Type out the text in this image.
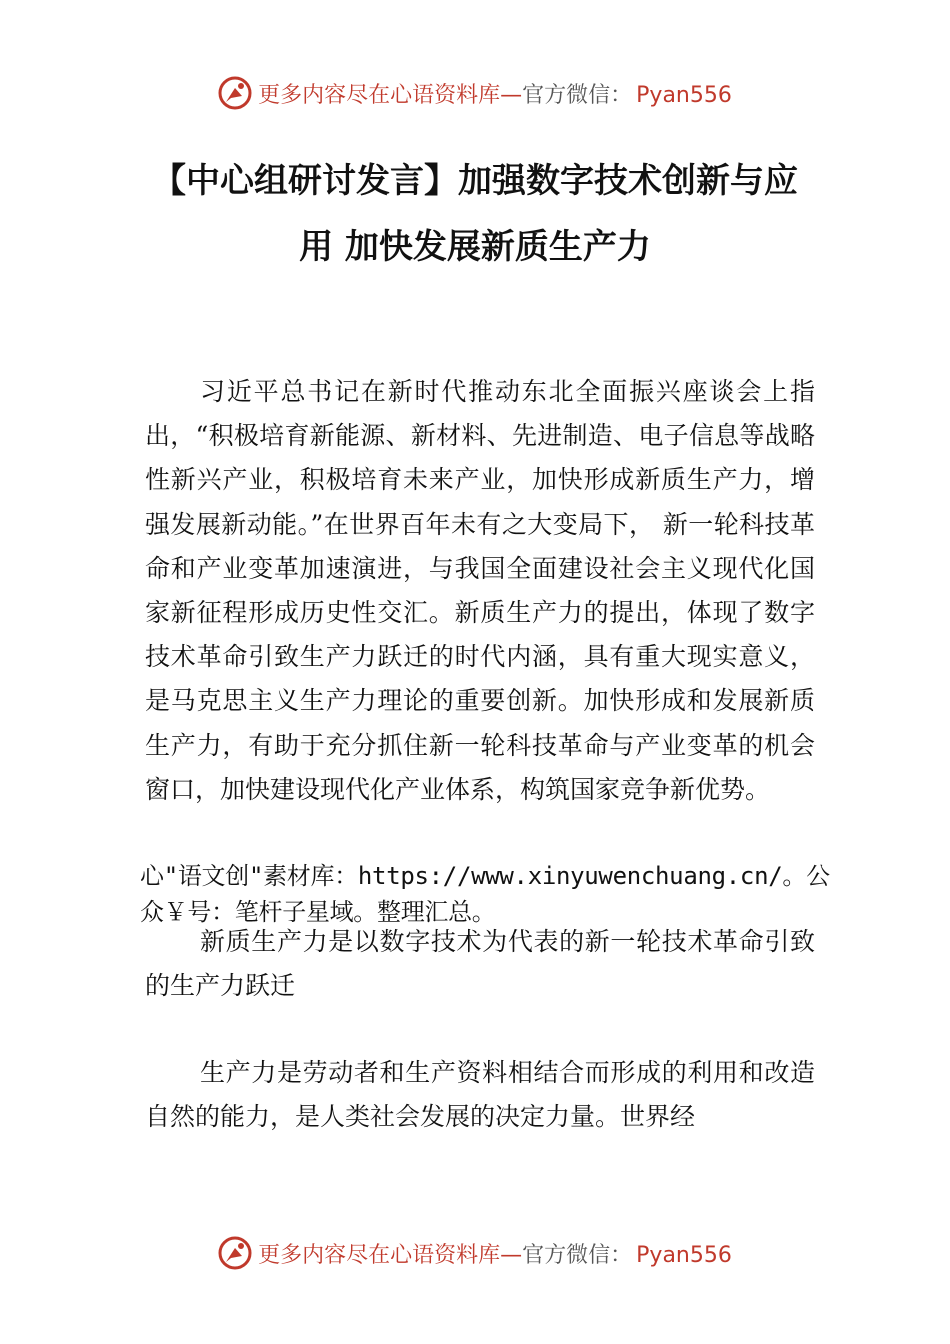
更多内容尽在心语资料库—官方微信： Pyan556
【中心组研讨发言】加强数字技术创新与应
用 加快发展新质生产力

习近平总书记在新时代推动东北全面振兴座谈会上指出，“积极培育新能源、新材料、先进制造、电子信息等战略性新兴产业，积极培育未来产业，加快形成新质生产力，增强发展新动能。”在世界百年未有之大变局下， 新一轮科技革命和产业变革加速演进，与我国全面建设社会主义现代化国家新征程形成历史性交汇。新质生产力的提出，体现了数字技术革命引致生产力跃迁的时代内涵，具有重大现实意义，是马克思主义生产力理论的重要创新。加快形成和发展新质生产力，有助于充分抓住新一轮科技革命与产业变革的机会窗口，加快建设现代化产业体系，构筑国家竞争新优势。

心"语文创"素材库：https://www.xinyuwenchuang.cn/。公众￥号：笔杆子星域。整理汇总。

新质生产力是以数字技术为代表的新一轮技术革命引致的生产力跃迁

生产力是劳动者和生产资料相结合而形成的利用和改造自然的能力，是人类社会发展的决定力量。世界经

更多内容尽在心语资料库—官方微信： Pyan556
